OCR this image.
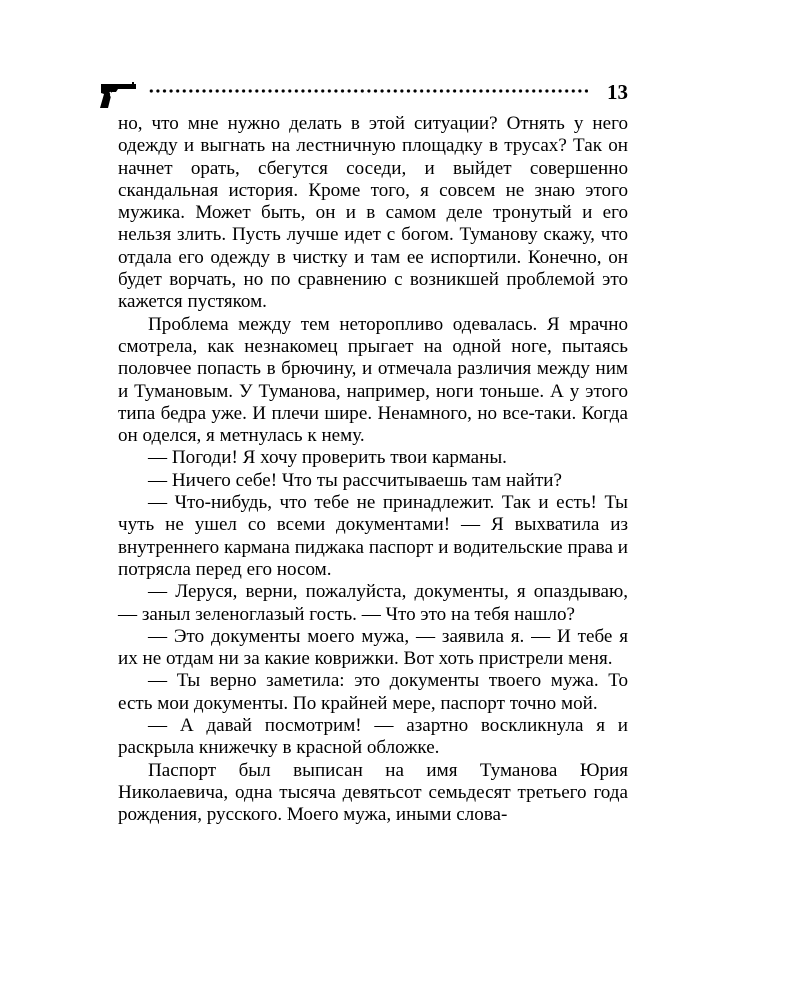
13

но, что мне нужно делать в этой ситуации? Отнять у него одежду и выгнать на лестничную площадку в трусах? Так он начнет орать, сбегутся соседи, и выйдет совершенно скандальная история. Кроме того, я совсем не знаю этого мужика. Может быть, он и в самом деле тронутый и его нельзя злить. Пусть лучше идет с богом. Туманову скажу, что отдала его одежду в чистку и там ее испортили. Конечно, он будет ворчать, но по сравнению с возникшей проблемой это кажется пустяком.

Проблема между тем неторопливо одевалась. Я мрачно смотрела, как незнакомец прыгает на одной ноге, пытаясь половчее попасть в брючину, и отмечала различия между ним и Тумановым. У Туманова, например, ноги тоньше. А у этого типа бедра уже. И плечи шире. Ненамного, но все-таки. Когда он оделся, я метнулась к нему.

— Погоди! Я хочу проверить твои карманы.

— Ничего себе! Что ты рассчитываешь там найти?

— Что-нибудь, что тебе не принадлежит. Так и есть! Ты чуть не ушел со всеми документами! — Я выхватила из внутреннего кармана пиджака паспорт и водительские права и потрясла перед его носом.

— Леруся, верни, пожалуйста, документы, я опаздываю, — заныл зеленоглазый гость. — Что это на тебя нашло?

— Это документы моего мужа, — заявила я. — И тебе я их не отдам ни за какие коврижки. Вот хоть пристрели меня.

— Ты верно заметила: это документы твоего мужа. То есть мои документы. По крайней мере, паспорт точно мой.

— А давай посмотрим! — азартно воскликнула я и раскрыла книжечку в красной обложке.

Паспорт был выписан на имя Туманова Юрия Николаевича, одна тысяча девятьсот семьдесят третьего года рождения, русского. Моего мужа, иными слова-
